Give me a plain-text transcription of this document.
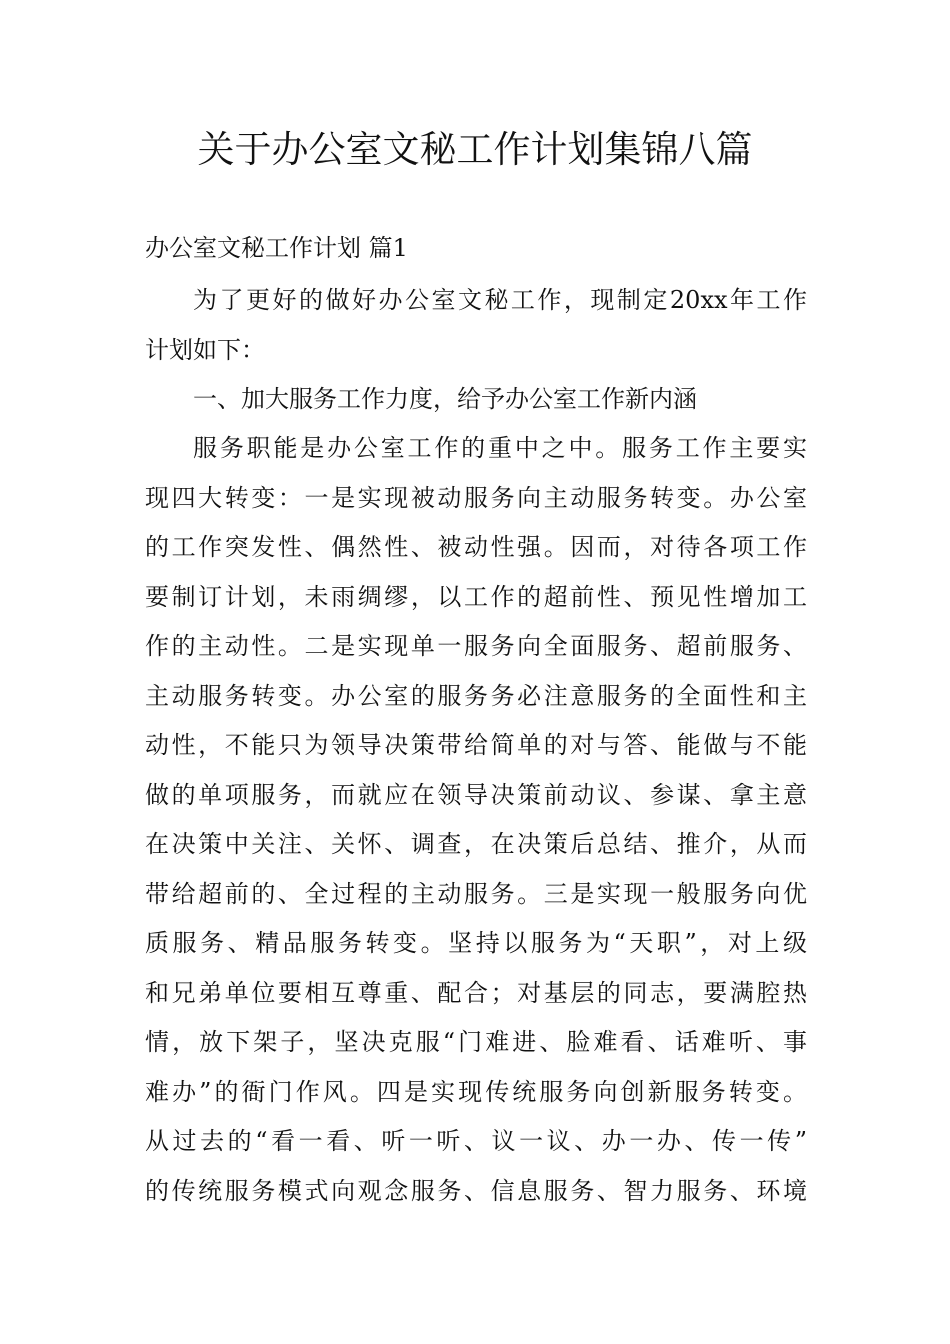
关于办公室文秘工作计划集锦八篇
办公室文秘工作计划 篇1
为了更好的做好办公室文秘工作，现制定20xx年工作
计划如下：
一、加大服务工作力度，给予办公室工作新内涵
服务职能是办公室工作的重中之中。服务工作主要实
现四大转变：一是实现被动服务向主动服务转变。办公室
的工作突发性、偶然性、被动性强。因而，对待各项工作
要制订计划，未雨绸缪，以工作的超前性、预见性增加工
作的主动性。二是实现单一服务向全面服务、超前服务、
主动服务转变。办公室的服务务必注意服务的全面性和主
动性，不能只为领导决策带给简单的对与答、能做与不能
做的单项服务，而就应在领导决策前动议、参谋、拿主意
在决策中关注、关怀、调查，在决策后总结、推介，从而
带给超前的、全过程的主动服务。三是实现一般服务向优
质服务、精品服务转变。坚持以服务为“天职”，对上级
和兄弟单位要相互尊重、配合；对基层的同志，要满腔热
情，放下架子，坚决克服“门难进、脸难看、话难听、事
难办”的衙门作风。四是实现传统服务向创新服务转变。
从过去的“看一看、听一听、议一议、办一办、传一传”
的传统服务模式向观念服务、信息服务、智力服务、环境
